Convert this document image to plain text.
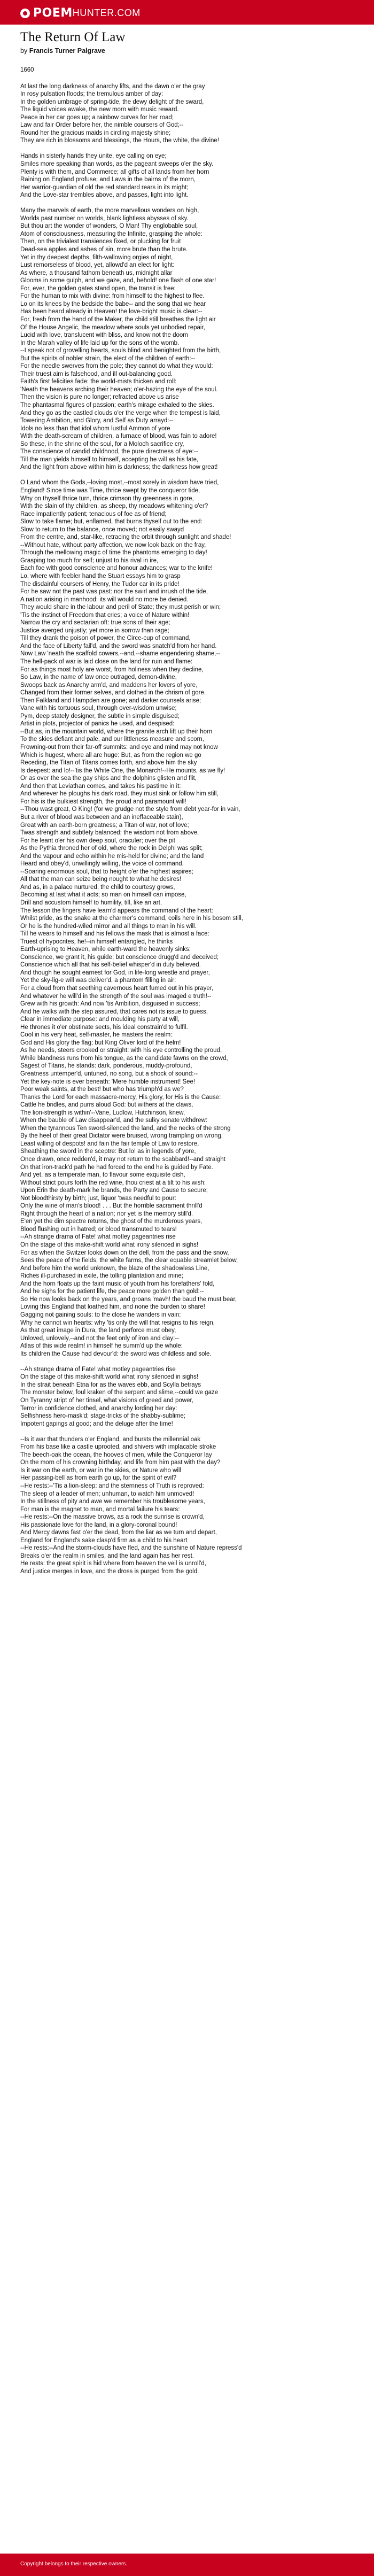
POEM HUNTER.COM
The Return Of Law
by Francis Turner Palgrave
1660
At last the long darkness of anarchy lifts, and the dawn o'er the gray
In rosy pulsation floods; the tremulous amber of day:
In the golden umbrage of spring-tide, the dewy delight of the sward,
The liquid voices awake, the new morn with music reward.
Peace in her car goes up; a rainbow curves for her road;
Law and fair Order before her, the nimble coursers of God;--
Round her the gracious maids in circling majesty shine;
They are rich in blossoms and blessings, the Hours, the white, the divine!
Hands in sisterly hands they unite, eye calling on eye;
Smiles more speaking than words, as the pageant sweeps o'er the sky.
Plenty is with them, and Commerce; all gifts of all lands from her horn
Raining on England profuse; and Laws in the bairns of the morn,
Her warrior-guardian of old the red standard rears in its might;
And the Love-star trembles above, and passes, light into light.
Many the marvels of earth, the more marvellous wonders on high,
Worlds past number on worlds, blank lightless abysses of sky.
But thou art the wonder of wonders, O Man! Thy englobable soul,
Atom of consciousness, measuring the Infinite, grasping the whole:
Then, on the trivialest transiences fixed, or plucking for fruit
Dead-sea apples and ashes of sin, more brute than the brute.
Yet in thy deepest depths, filth-wallowing orgies of night,
Lust remorseless of blood, yet, allowd'd an elect for light:
As where, a thousand fathom beneath us, midnight allar
Glooms in some gulph, and we gaze, and, behold! one flash of one star!
For, ever, the golden gates stand open, the transit is free:
For the human to mix with divine: from himself to the highest to flee.
Lo on its knees by the bedside the babe-- and the song that we hear
Has been heard already in Heaven! the love-bright music is clear:--
For, fresh from the hand of the Maker, the child still breathes the light air
Of the House Angelic, the meadow where souls yet unbodied repair,
Lucid with love, translucent with bliss, and know not the doom
In the Marah valley of life laid up for the sons of the womb.
--I speak not of grovelling hearts, souls blind and benighted from the birth,
But the spirits of nobler strain, the elect of the children of earth:--
For the needle swerves from the pole; they cannot do what they would:
Their truest aim is falsehood, and ill out-balancing good.
Faith's first felicities fade: the world-mists thicken and roll:
'Neath the heavens arching their heaven; o'er-hazing the eye of the soul.
Then the vision is pure no longer; refracted above us arise
The phantasmal figures of passion; earth's mirage exhaled to the skies.
And they go as the castled clouds o'er the verge when the tempest is laid,
Towering Ambition, and Glory, and Self as Duty arrayd:--
Idols no less than that idol whom lustful Ammon of yore
With the death-scream of children, a furnace of blood, was fain to adore!
So these, in the shrine of the soul, for a Moloch sacrifice cry,
The conscience of candid childhood, the pure directness of eye:--
Till the man yields himself to himself, accepting he will as his fate,
And the light from above within him is darkness; the darkness how great!
O Land whom the Gods,--loving most,--most sorely in wisdom have tried,
England! Since time was Time, thrice swept by the conqueror tide,
Why on thyself thrice turn, thrice crimson thy greenness in gore,
With the slain of thy children, as sheep, thy meadows whitening o'er?
Race impatiently patient; tenacious of foe as of friend;
Slow to take flame; but, enflamed, that burns thyself out to the end:
Slow to return to the balance, once moved; not easily swayd
From the centre, and, star-like, retracing the orbit through sunlight and shade!
--Without hate, without party affection, we now look back on the fray,
Through the mellowing magic of time the phantoms emerging to day!
Grasping too much for self; unjust to his rival in ire,
Each foe with good conscience and honour advances; war to the knife!
Lo, where with feebler hand the Stuart essays him to grasp
The disdainful coursers of Henry, the Tudor car in its pride!
For he saw not the past was past: nor the swirl and inrush of the tide,
A nation arising in manhood: its will would no more be denied.
They would share in the labour and peril of State; they must perish or win;
'Tis the instinct of Freedom that cries; a voice of Nature within!
Narrow the cry and sectarian oft: true sons of their age;
Justice averged unjustly; yet more in sorrow than rage;
Till they drank the poison of power, the Circe-cup of command,
And the face of Liberty fail'd, and the sword was snatch'd from her hand.
Now Law 'neath the scaffold cowers,--and,--shame engendering shame,--
The hell-pack of war is laid close on the land for ruin and flame:
For as things most holy are worst, from holiness when they decline,
So Law, in the name of law once outraged, demon-divine,
Swoops back as Anarchy arm'd, and maddens her lovers of yore,
Changed from their former selves, and clothed in the chrism of gore.
Then Falkland and Hampden are gone; and darker counsels arise;
Vane with his tortuous soul, through over-wisdom unwise;
Pym, deep stately designer, the subtle in simple disguised;
Artist in plots, projector of panics he used, and despised:
--But as, in the mountain world, where the granite arch lift up their horn
To the skies defiant and pale, and our littleness measure and scorn,
Frowning-out from their far-off summits: and eye and mind may not know
Which is hugest, where all are huge: But, as from the region we go
Receding, the Titan of Titans comes forth, and above him the sky
Is deepest: and lo!--'tis the White One, the Monarch!--He mounts, as we fly!
Or as over the sea the gay ships and the dolphins glisten and flit,
And then that Leviathan comes, and takes his pastime in it:
And wherever he ploughs his dark road, they must sink or follow him still,
For his is the bulkiest strength, the proud and paramount will!
--Thou wast great, O King! (for we grudge not the style from debt year-for in vain,
But a river of blood was between and an ineffaceable stain),
Great with an earth-born greatness; a Titan of war, not of love;
Twas strength and subtlety balanced; the wisdom not from above.
For he leant o'er his own deep soul, oraculer; over the pit
As the Pythia throned her of old, where the rock in Delphi was split;
And the vapour and echo within he mis-held for divine; and the land
Heard and obey'd, unwillingly willing, the voice of command.
--Soaring enormous soul, that to height o'er the highest aspires;
All that the man can seize being nought to what he desires!
And as, in a palace nurtured, the child to courtesy grows,
Becoming at last what it acts; so man on himself can impose,
Drill and accustom himself to humility, till, like an art,
The lesson the fingers have learn'd appears the command of the heart:
Whilst pride, as the snake at the charmer's command, coils here in his bosom still,
Or he is the hundred-wiled mirror and all things to man in his will.
Till he wears to himself and his fellows the mask that is almost a face:
Truest of hypocrites, he!--in himself entangled, he thinks
Earth-uprising to Heaven, while earth-ward the heavenly sinks:
Conscience, we grant it, his guide; but conscience drugg'd and deceived;
Conscience which all that his self-belief whisper'd in duty believed.
And though he sought earnest for God, in life-long wrestle and prayer,
Yet the sky-lig-e will was deliver'd, a phantom filling in air:
For a cloud from that seething cavernous heart fumed out in his prayer,
And whatever he will'd in the strength of the soul was imaged e truth!--
Grew with his growth: And now 'tis Ambition, disguised in success;
And he walks with the step assured, that cares not its issue to guess,
Clear in immediate purpose: and moulding his party at will,
He thrones it o'er obstinate sects, his ideal constrain'd to fulfil.
Cool in his very heat, self-master, he masters the realm:
God and His glory the flag; but King Oliver lord of the helm!
As he needs, steers crooked or straight: with his eye controlling the proud,
While blandness runs from his tongue, as the candidate fawns on the crowd,
Sagest of Titans, he stands: dark, ponderous, muddy-profound,
Greatness untemper'd, untuned, no song, but a shock of sound:--
Yet the key-note is ever beneath: 'Mere humble instrument! See!
Poor weak saints, at the best! but who has triumph'd as we?
Thanks the Lord for each massacre-mercy, His glory, for His is the Cause:
Cattle he bridles, and purrs aloud God: but withers at the claws,
The lion-strength is within'--Vane, Ludlow, Hutchinson, knew,
When the bauble of Law disappear'd, and the sulky senate withdrew:
When the tyrannous Ten sword-silenced the land, and the necks of the strong
By the heel of their great Dictator were bruised, wrong trampling on wrong,
Least willing of despots! and fain the fair temple of Law to restore,
Sheathing the sword in the sceptre: But lo! as in legends of yore,
Once drawn, once redden'd, it may not return to the scabbard!--and straight
On that iron-track'd path he had forced to the end he is guided by Fate.
And yet, as a temperate man, to flavour some exquisite dish,
Without strict pours forth the red wine, thou criest at a tilt to his wish:
Upon Erin the death-mark he brands, the Party and Cause to secure;
Not bloodthirsty by birth; just, liquor 'twas needful to pour:
Only the wine of man's blood! . . . But the horrible sacrament thrill'd
Right through the heart of a nation; nor yet is the memory still'd.
E'en yet the dim spectre returns, the ghost of the murderous years,
Blood flushing out in hatred; or blood transmuted to tears!
--Ah strange drama of Fate! what motley pageantries rise
On the stage of this make-shift world what irony silenced in sighs!
For as when the Switzer looks down on the dell, from the pass and the snow,
Sees the peace of the fields, the white farms, the clear equable streamlet below,
And before him the world unknown, the blaze of the shadowless Line,
Riches ill-purchased in exile, the tolling plantation and mine;
And the horn floats up the faint music of youth from his forefathers' fold,
And he sighs for the patient life, the peace more golden than gold:--
So He now looks back on the years, and groans 'mavh! the baud the must bear,
Loving this England that loathed him, and none the burden to share!
Gagging not gaining souls: to the close he wanders in vain:
Why he cannot win hearts: why 'tis only the will that resigns to his reign,
As that great image in Dura, the land perforce must obey,
Unloved, unlovely,--and not the feet only of iron and clay:--
Atlas of this wide realm! in himself he summ'd up the whole:
Its children the Cause had devour'd: the sword was childless and sole.
--Ah strange drama of Fate! what motley pageantries rise
On the stage of this make-shift world what irony silenced in sighs!
In the strait beneath Etna for as the waves ebb, and Scylla betrays
The monster below, foul kraken of the serpent and slime,--could we gaze
On Tyranny stript of her tinsel, what visions of greed and power,
Terror in confidence clothed, and anarchy lording her day:
Selfishness hero-mask'd; stage-tricks of the shabby-sublime;
Impotent gapings at good; and the deluge after the time!
--Is it war that thunders o'er England, and bursts the millennial oak
From his base like a castle uprooted, and shivers with implacable stroke
The beech-oak the ocean, the hooves of men, while the Conqueror lay
On the morn of his crowning birthday, and life from him past with the day?
Is it war on the earth, or war in the skies, or Nature who will
Her passing-bell as from earth go up, for the spirit of evil?
--He rests:--'Tis a lion-sleep: and the sternness of Truth is reproved:
The sleep of a leader of men; unhuman, to watch him unmoved!
In the stillness of pity and awe we remember his troublesome years,
For man is the magnet to man, and mortal failure his tears:
--He rests:--On the massive brows, as a rock the sunrise is crown'd,
His passionate love for the land, in a glory-coronal bound!
And Mercy dawns fast o'er the dead, from the liar as we turn and depart,
England for England's sake clasp'd firm as a child to his heart
--He rests:--And the storm-clouds have fled, and the sunshine of Nature repress'd
Breaks o'er the realm in smiles, and the land again has her rest.
He rests: the great spirit is hid where from heaven the veil is unroll'd,
And justice merges in love, and the dross is purged from the gold.
Copyright belongs to their respective owners.
